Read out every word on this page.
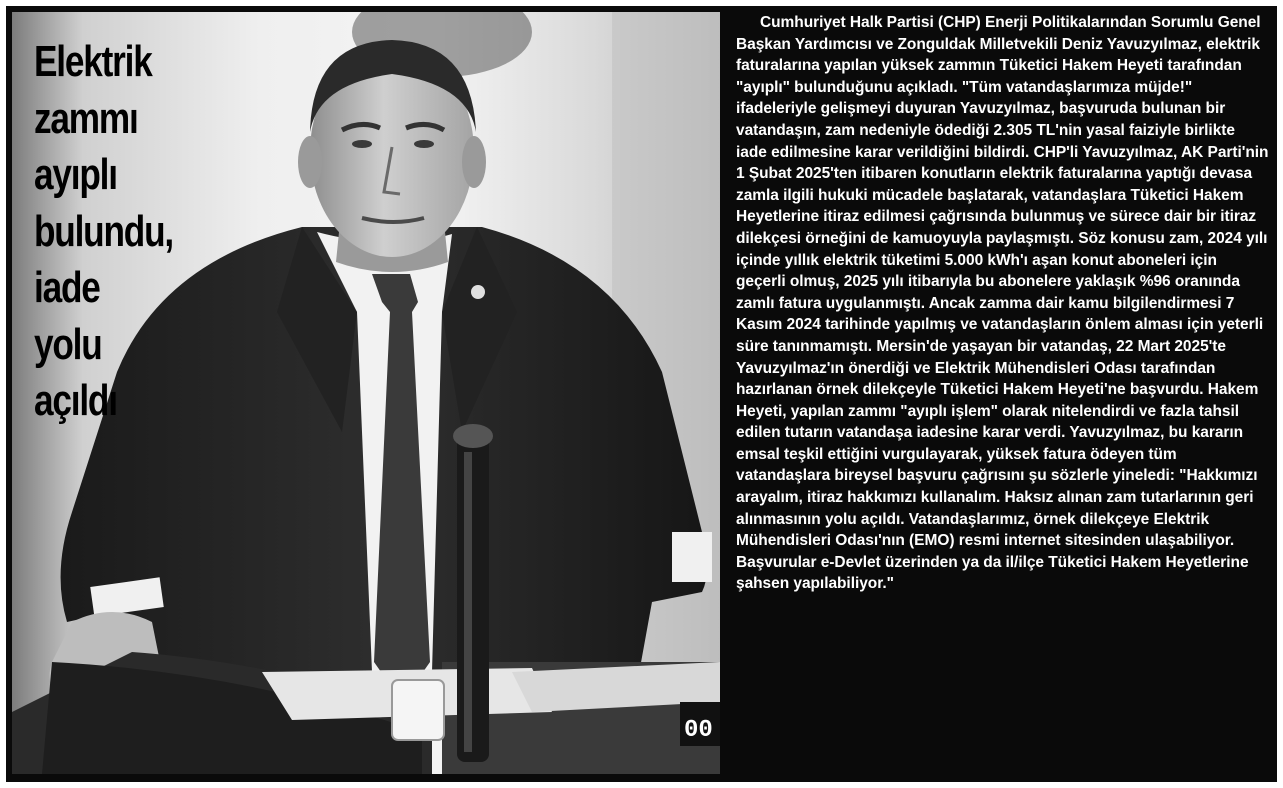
00
Elektrik
zammı
ayıplı
bulundu,
iade
yolu
açıldı

Cumhuriyet Halk Partisi (CHP) Enerji Politikalarından Sorumlu Genel Başkan Yardımcısı ve Zonguldak Milletvekili Deniz Yavuzyılmaz, elektrik faturalarına yapılan yüksek zammın Tüketici Hakem Heyeti tarafından "ayıplı" bulunduğunu açıkladı. "Tüm vatandaşlarımıza müjde!" ifadeleriyle gelişmeyi duyuran Yavuzyılmaz, başvuruda bulunan bir vatandaşın, zam nedeniyle ödediği 2.305 TL'nin yasal faiziyle birlikte iade edilmesine karar verildiğini bildirdi. CHP'li Yavuzyılmaz, AK Parti'nin 1 Şubat 2025'ten itibaren konutların elektrik faturalarına yaptığı devasa zamla ilgili hukuki mücadele başlatarak, vatandaşlara Tüketici Hakem Heyetlerine itiraz edilmesi çağrısında bulunmuş ve sürece dair bir itiraz dilekçesi örneğini de kamuoyuyla paylaşmıştı. Söz konusu zam, 2024 yılı içinde yıllık elektrik tüketimi 5.000 kWh'ı aşan konut aboneleri için geçerli olmuş, 2025 yılı itibarıyla bu abonelere yaklaşık %96 oranında zamlı fatura uygulanmıştı. Ancak zamma dair kamu bilgilendirmesi 7 Kasım 2024 tarihinde yapılmış ve vatandaşların önlem alması için yeterli süre tanınmamıştı. Mersin'de yaşayan bir vatandaş, 22 Mart 2025'te Yavuzyılmaz'ın önerdiği ve Elektrik Mühendisleri Odası tarafından hazırlanan örnek dilekçeyle Tüketici Hakem Heyeti'ne başvurdu. Hakem Heyeti, yapılan zammı "ayıplı işlem" olarak nitelendirdi ve fazla tahsil edilen tutarın vatandaşa iadesine karar verdi. Yavuzyılmaz, bu kararın emsal teşkil ettiğini vurgulayarak, yüksek fatura ödeyen tüm vatandaşlara bireysel başvuru çağrısını şu sözlerle yineledi: "Hakkımızı arayalım, itiraz hakkımızı kullanalım. Haksız alınan zam tutarlarının geri alınmasının yolu açıldı. Vatandaşlarımız, örnek dilekçeye Elektrik Mühendisleri Odası'nın (EMO) resmi internet sitesinden ulaşabiliyor. Başvurular e-Devlet üzerinden ya da il/ilçe Tüketici Hakem Heyetlerine şahsen yapılabiliyor."
